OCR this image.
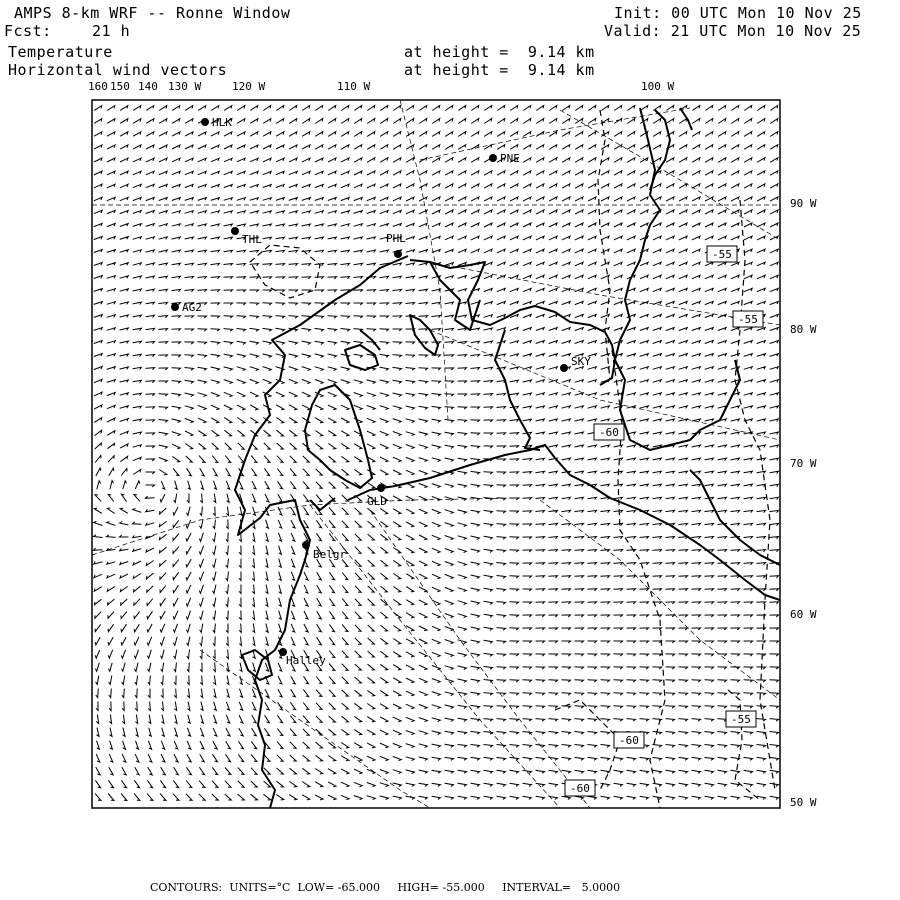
AMPS 8-km WRF -- Ronne Window
Fcst:	21 h
Temperature
Horizontal wind vectors
at height =  9.14 km
at height =  9.14 km
Init: 00 UTC Mon 10 Nov 25
Valid: 21 UTC Mon 10 Nov 25
160 150 140 130 W	120 W	110 W	100 W
90 W
80 W
70 W
60 W
50 W
HLK
PNE
THL	PHL
AG2
SKY
GLD
Belgr
Halley
-55
-55
-60
-60
-55
-60
CONTOURS:  UNITS=°C  LOW= -65.000     HIGH= -55.000     INTERVAL=   5.0000
